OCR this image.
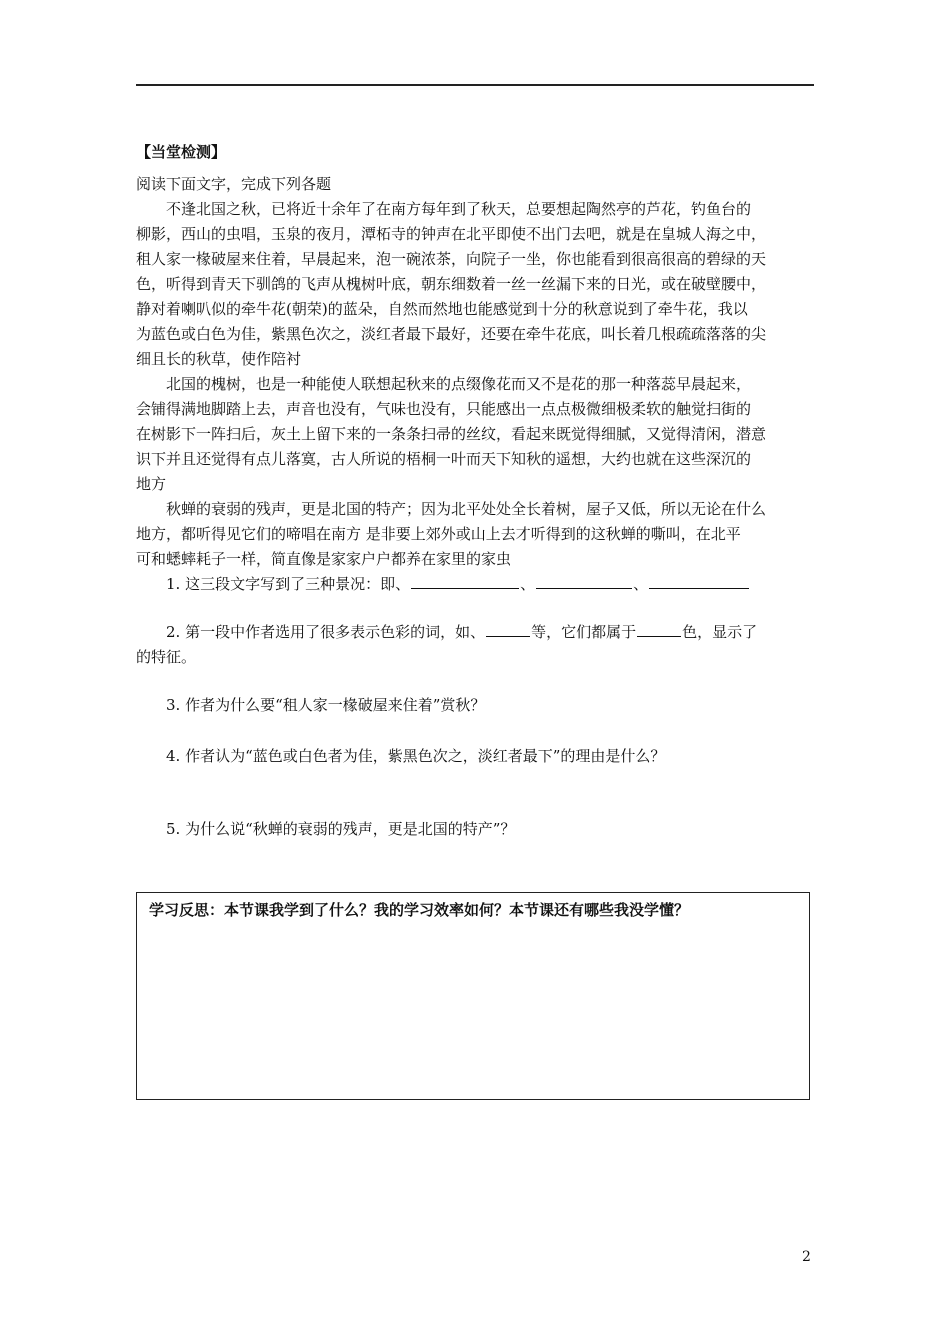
【当堂检测】
阅读下面文字，完成下列各题
不逢北国之秋，已将近十余年了在南方每年到了秋天，总要想起陶然亭的芦花，钓鱼台的
柳影，西山的虫唱，玉泉的夜月，潭柘寺的钟声在北平即使不出门去吧，就是在皇城人海之中，
租人家一椽破屋来住着，早晨起来，泡一碗浓茶，向院子一坐，你也能看到很高很高的碧绿的天
色，听得到青天下驯鸽的飞声从槐树叶底，朝东细数着一丝一丝漏下来的日光，或在破壁腰中，
静对着喇叭似的牵牛花(朝荣)的蓝朵，自然而然地也能感觉到十分的秋意说到了牵牛花，我以
为蓝色或白色为佳，紫黑色次之，淡红者最下最好，还要在牵牛花底，叫长着几根疏疏落落的尖
细且长的秋草，使作陪衬
北国的槐树，也是一种能使人联想起秋来的点缀像花而又不是花的那一种落蕊早晨起来，
会铺得满地脚踏上去，声音也没有，气味也没有，只能感出一点点极微细极柔软的触觉扫街的
在树影下一阵扫后，灰土上留下来的一条条扫帚的丝纹，看起来既觉得细腻，又觉得清闲，潜意
识下并且还觉得有点儿落寞，古人所说的梧桐一叶而天下知秋的遥想，大约也就在这些深沉的
地方
秋蝉的衰弱的残声，更是北国的特产；因为北平处处全长着树，屋子又低，所以无论在什么
地方，都听得见它们的啼唱在南方 是非要上郊外或山上去才听得到的这秋蝉的嘶叫，在北平
可和蟋蟀耗子一样，简直像是家家户户都养在家里的家虫
1. 这三段文字写到了三种景况：即、	、	、
2. 第一段中作者选用了很多表示色彩的词，如、	等，它们都属于	色，显示了
的特征。
3. 作者为什么要“租人家一椽破屋来住着”赏秋？
4. 作者认为“蓝色或白色者为佳，紫黑色次之，淡红者最下”的理由是什么？
5. 为什么说“秋蝉的衰弱的残声，更是北国的特产”？
学习反思：本节课我学到了什么？我的学习效率如何？本节课还有哪些我没学懂？
2
